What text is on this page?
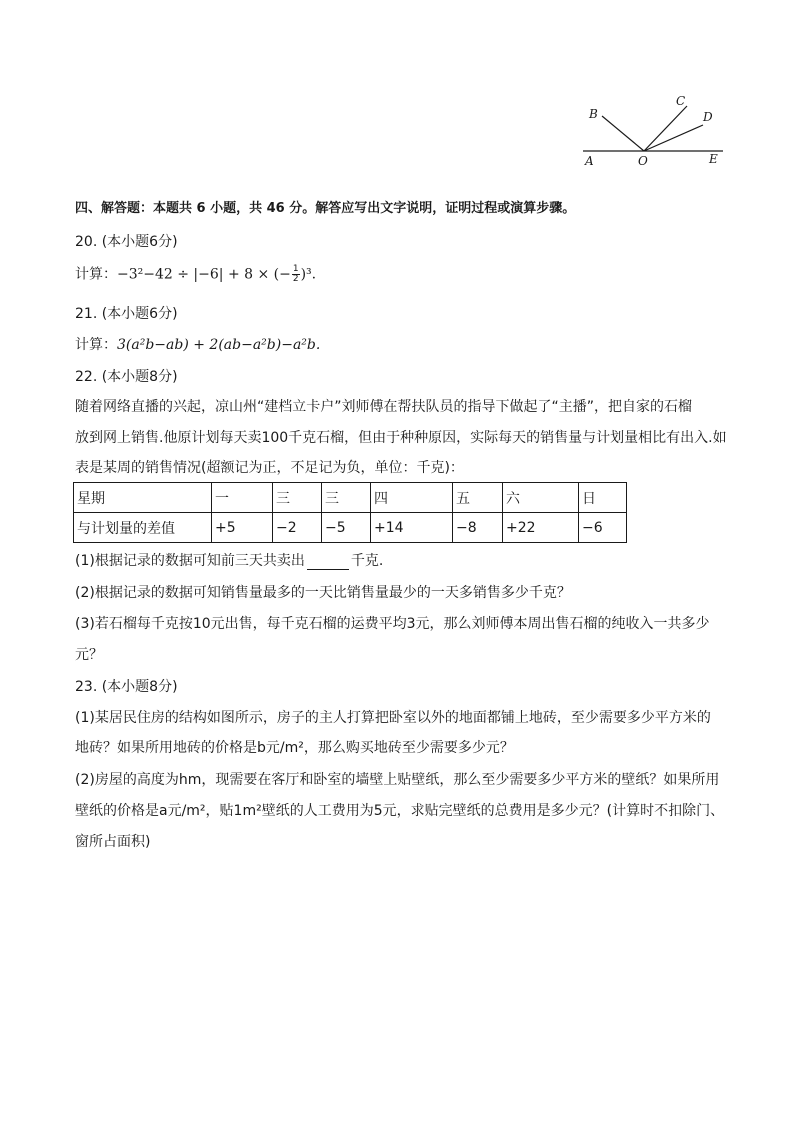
B
C
D
A	O	E
四、解答题：本题共 6 小题，共 46 分。解答应写出文字说明，证明过程或演算步骤。
20. (本小题6分)
计算：−3²−42 ÷ |−6| + 8 × (− $\frac{1}{2} )^3$.
21. (本小题6分)
计算：3(a²b−ab) + 2(ab−a²b)−a²b.
22. (本小题8分)
随着网络直播的兴起，凉山州“建档立卡户”刘师傅在帮扶队员的指导下做起了“主播”，把自家的石榴
放到网上销售.他原计划每天卖100千克石榴，但由于种种原因，实际每天的销售量与计划量相比有出入.如
表是某周的销售情况(超额记为正，不足记为负，单位：千克)：
星期	一	三	三	四	五	六	日
与计划量的差值	+5	−2	−5	+14	−8	+22	−6
(1)根据记录的数据可知前三天共卖出	千克.
(2)根据记录的数据可知销售量最多的一天比销售量最少的一天多销售多少千克？
(3)若石榴每千克按10元出售，每千克石榴的运费平均3元，那么刘师傅本周出售石榴的纯收入一共多少
元？
23. (本小题8分)
(1)某居民住房的结构如图所示，房子的主人打算把卧室以外的地面都铺上地砖，至少需要多少平方米的
地砖？如果所用地砖的价格是b元/m²，那么购买地砖至少需要多少元？
(2)房屋的高度为hm，现需要在客厅和卧室的墙壁上贴壁纸，那么至少需要多少平方米的壁纸？如果所用
壁纸的价格是a元/m²，贴1m²壁纸的人工费用为5元，求贴完壁纸的总费用是多少元？(计算时不扣除门、
窗所占面积)
